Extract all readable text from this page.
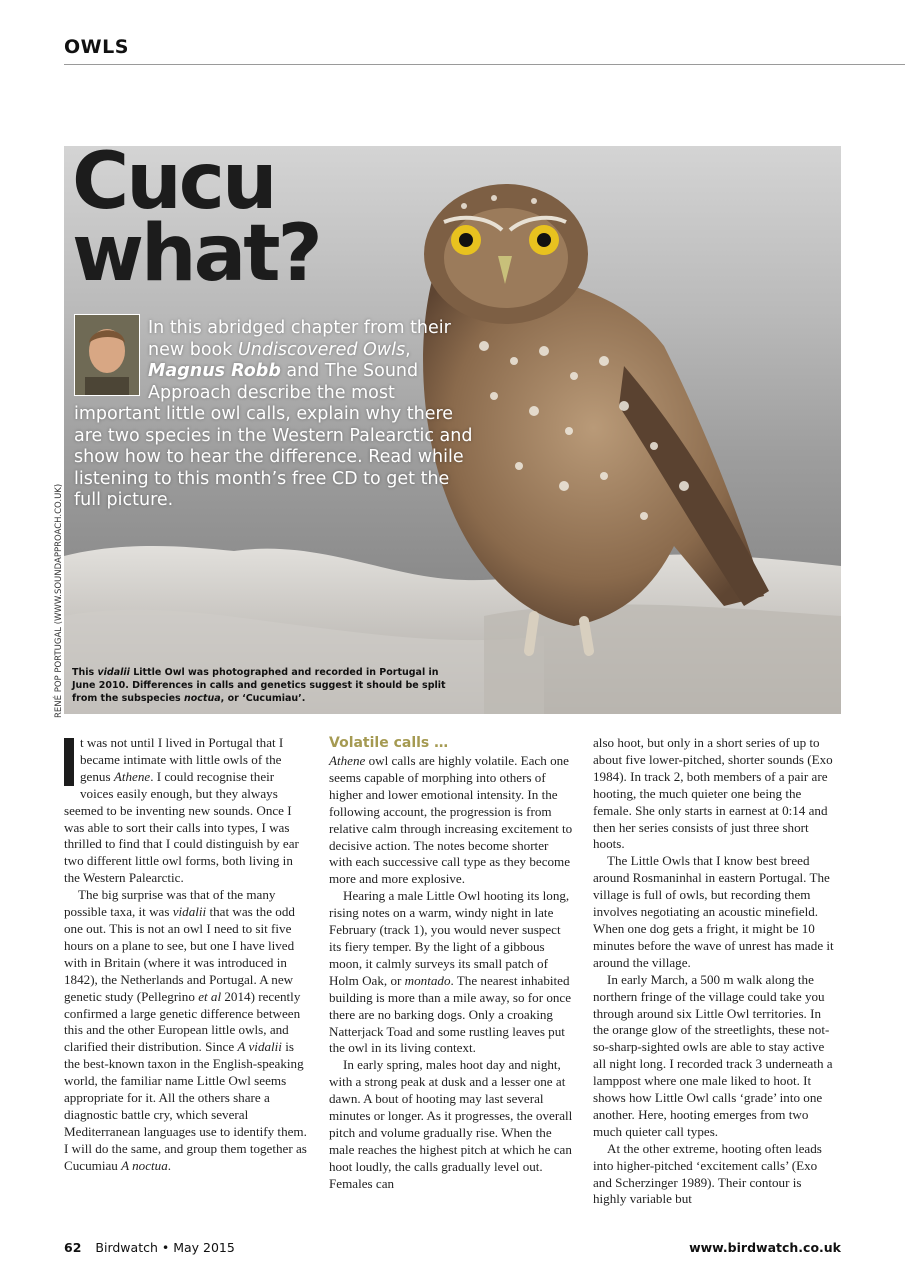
OWLS
Cucu
what?

In this abridged chapter from their new book Undiscovered Owls, Magnus Robb and The Sound Approach describe the most important little owl calls, explain why there are two species in the Western Palearctic and show how to hear the difference. Read while listening to this month’s free CD to get the full picture.

This vidalii Little Owl was photographed and recorded in Portugal in June 2010. Differences in calls and genetics suggest it should be split from the subspecies noctua, or ‘Cucumiau’.

RENÉ POP PORTUGAL (WWW.SOUNDAPPROACH.CO.UK)

t was not until I lived in Portugal that I became intimate with little owls of the genus Athene. I could recognise their voices easily enough, but they always seemed to be inventing new sounds. Once I was able to sort their calls into types, I was thrilled to find that I could distinguish by ear two different little owl forms, both living in the Western Palearctic.

The big surprise was that of the many possible taxa, it was vidalii that was the odd one out. This is not an owl I need to sit five hours on a plane to see, but one I have lived with in Britain (where it was introduced in 1842), the Netherlands and Portugal. A new genetic study (Pellegrino et al 2014) recently confirmed a large genetic difference between this and the other European little owls, and clarified their distribution. Since A vidalii is the best-known taxon in the English-speaking world, the familiar name Little Owl seems appropriate for it. All the others share a diagnostic battle cry, which several Mediterranean languages use to identify them. I will do the same, and group them together as Cucumiau A noctua.

Volatile calls …

Athene owl calls are highly volatile. Each one seems capable of morphing into others of higher and lower emotional intensity. In the following account, the progression is from relative calm through increasing excitement to decisive action. The notes become shorter with each successive call type as they become more and more explosive.

Hearing a male Little Owl hooting its long, rising notes on a warm, windy night in late February (track 1), you would never suspect its fiery temper. By the light of a gibbous moon, it calmly surveys its small patch of Holm Oak, or montado. The nearest inhabited building is more than a mile away, so for once there are no barking dogs. Only a croaking Natterjack Toad and some rustling leaves put the owl in its living context.

In early spring, males hoot day and night, with a strong peak at dusk and a lesser one at dawn. A bout of hooting may last several minutes or longer. As it progresses, the overall pitch and volume gradually rise. When the male reaches the highest pitch at which he can hoot loudly, the calls gradually level out. Females can

also hoot, but only in a short series of up to about five lower-pitched, shorter sounds (Exo 1984). In track 2, both members of a pair are hooting, the much quieter one being the female. She only starts in earnest at 0:14 and then her series consists of just three short hoots.

The Little Owls that I know best breed around Rosmaninhal in eastern Portugal. The village is full of owls, but recording them involves negotiating an acoustic minefield. When one dog gets a fright, it might be 10 minutes before the wave of unrest has made it around the village.

In early March, a 500 m walk along the northern fringe of the village could take you through around six Little Owl territories. In the orange glow of the streetlights, these not-so-sharp-sighted owls are able to stay active all night long. I recorded track 3 underneath a lamppost where one male liked to hoot. It shows how Little Owl calls ‘grade’ into one another. Here, hooting emerges from two much quieter call types.

At the other extreme, hooting often leads into higher-pitched ‘excitement calls’ (Exo and Scherzinger 1989). Their contour is highly variable but

62 Birdwatch • May 2015	www.birdwatch.co.uk
